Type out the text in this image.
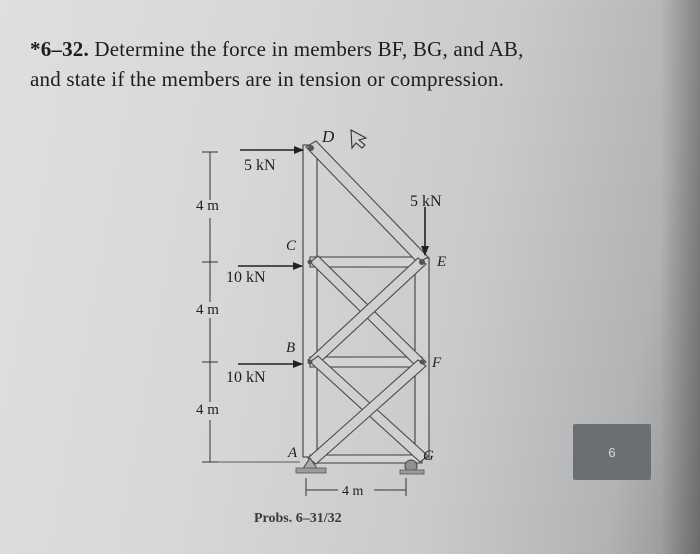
*6–32. Determine the force in members BF, BG, and AB,
and state if the members are in tension or compression.
D
C
B
A
E
F
G
5 kN
5 kN
10 kN
10 kN
4 m
4 m
4 m
4 m
Probs. 6–31/32
6
